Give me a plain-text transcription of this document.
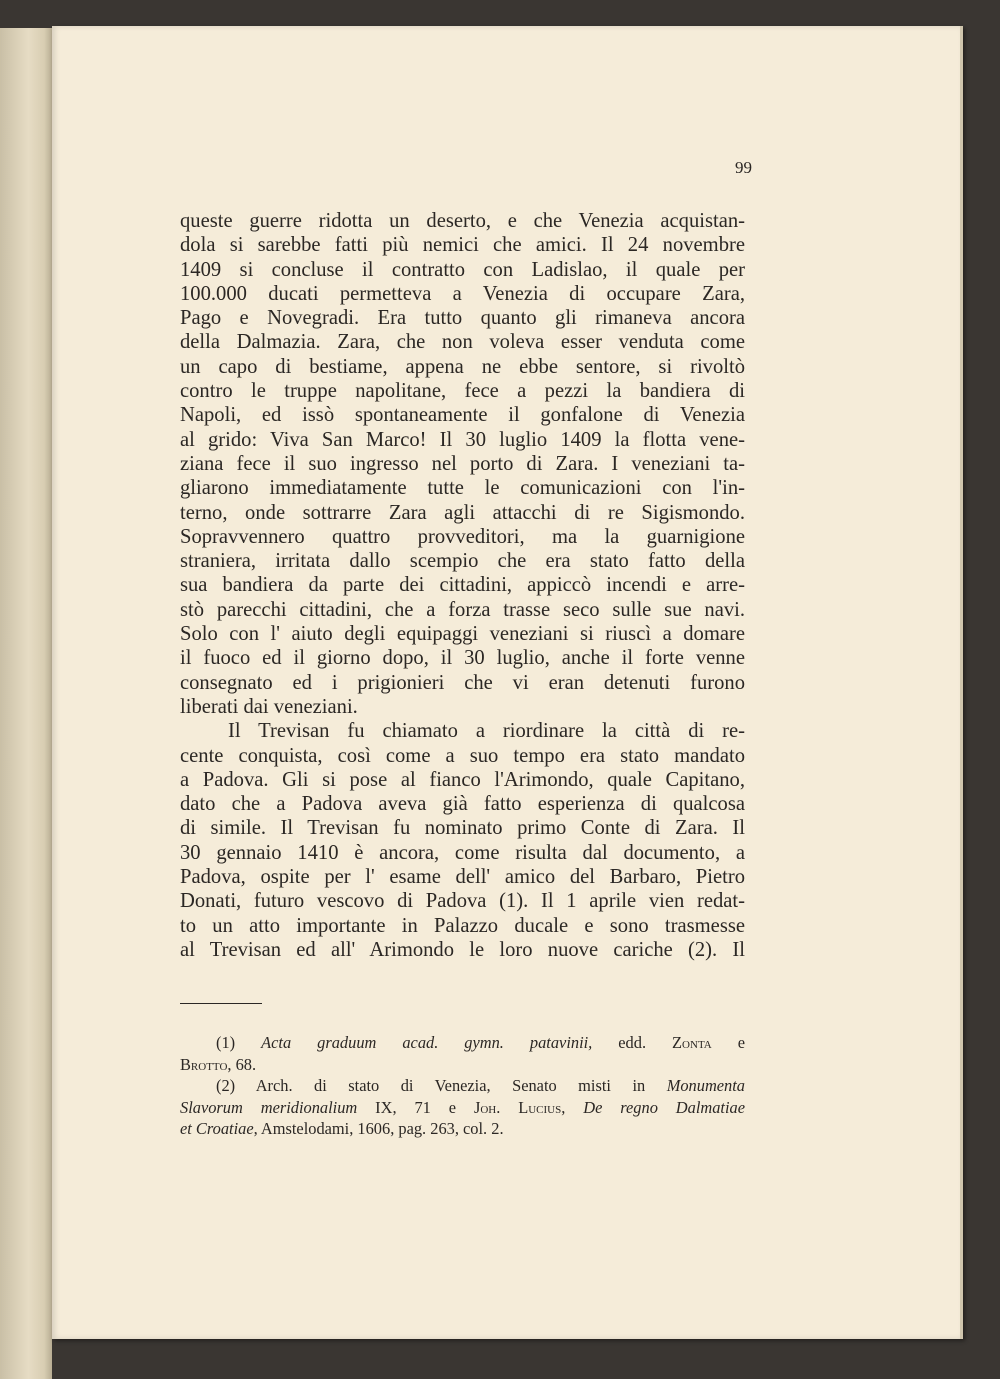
99
queste guerre ridotta un deserto, e che Venezia acquistan-
dola si sarebbe fatti più nemici che amici. Il 24 novembre
1409 si concluse il contratto con Ladislao, il quale per
100.000 ducati permetteva a Venezia di occupare Zara,
Pago e Novegradi. Era tutto quanto gli rimaneva ancora
della Dalmazia. Zara, che non voleva esser venduta come
un capo di bestiame, appena ne ebbe sentore, si rivoltò
contro le truppe napolitane, fece a pezzi la bandiera di
Napoli, ed issò spontaneamente il gonfalone di Venezia
al grido: Viva San Marco! Il 30 luglio 1409 la flotta vene-
ziana fece il suo ingresso nel porto di Zara. I veneziani ta-
gliarono immediatamente tutte le comunicazioni con l'in-
terno, onde sottrarre Zara agli attacchi di re Sigismondo.
Sopravvennero quattro provveditori, ma la guarnigione
straniera, irritata dallo scempio che era stato fatto della
sua bandiera da parte dei cittadini, appiccò incendi e arre-
stò parecchi cittadini, che a forza trasse seco sulle sue navi.
Solo con l' aiuto degli equipaggi veneziani si riuscì a domare
il fuoco ed il giorno dopo, il 30 luglio, anche il forte venne
consegnato ed i prigionieri che vi eran detenuti furono
liberati dai veneziani.
Il Trevisan fu chiamato a riordinare la città di re-
cente conquista, così come a suo tempo era stato mandato
a Padova. Gli si pose al fianco l'Arimondo, quale Capitano,
dato che a Padova aveva già fatto esperienza di qualcosa
di simile. Il Trevisan fu nominato primo Conte di Zara. Il
30 gennaio 1410 è ancora, come risulta dal documento, a
Padova, ospite per l' esame dell' amico del Barbaro, Pietro
Donati, futuro vescovo di Padova (1). Il 1 aprile vien redat-
to un atto importante in Palazzo ducale e sono trasmesse
al Trevisan ed all' Arimondo le loro nuove cariche (2). Il
(1) Acta graduum acad. gymn. patavinii, edd. Zonta e
Brotto, 68.
(2) Arch. di stato di Venezia, Senato misti in Monumenta
Slavorum meridionalium IX, 71 e Joh. Lucius, De regno Dalmatiae
et Croatiae, Amstelodami, 1606, pag. 263, col. 2.
